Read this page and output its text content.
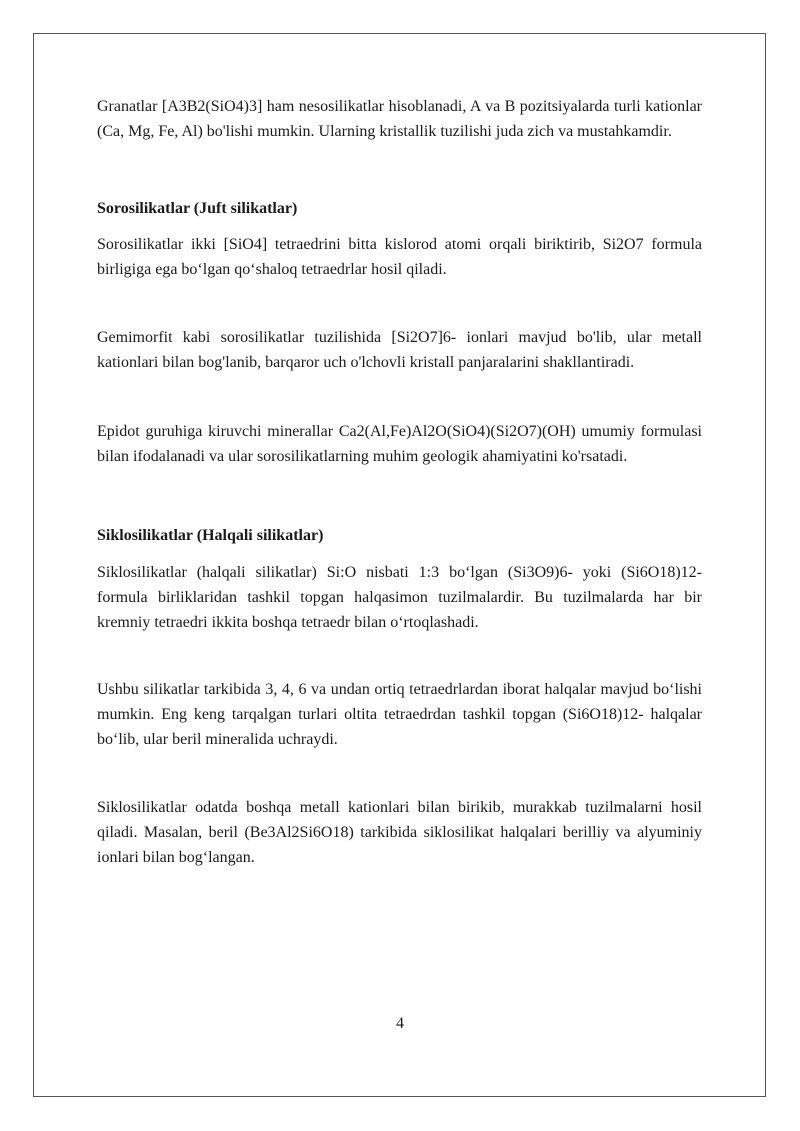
Granatlar [A3B2(SiO4)3] ham nesosilikatlar hisoblanadi, A va B pozitsiyalarda turli kationlar (Ca, Mg, Fe, Al) bo'lishi mumkin. Ularning kristallik tuzilishi juda zich va mustahkamdir.

Sorosilikatlar (Juft silikatlar)

Sorosilikatlar ikki [SiO4] tetraedrini bitta kislorod atomi orqali biriktirib, Si2O7 formula birligiga ega bo‘lgan qo‘shaloq tetraedrlar hosil qiladi.

Gemimorfit kabi sorosilikatlar tuzilishida [Si2O7]6- ionlari mavjud bo'lib, ular metall kationlari bilan bog'lanib, barqaror uch o'lchovli kristall panjaralarini shakllantiradi.

Epidot guruhiga kiruvchi minerallar Ca2(Al,Fe)Al2O(SiO4)(Si2O7)(OH) umumiy formulasi bilan ifodalanadi va ular sorosilikatlarning muhim geologik ahamiyatini ko'rsatadi.

Siklosilikatlar (Halqali silikatlar)

Siklosilikatlar (halqali silikatlar) Si:O nisbati 1:3 bo‘lgan (Si3O9)6- yoki (Si6O18)12- formula birliklaridan tashkil topgan halqasimon tuzilmalardir. Bu tuzilmalarda har bir kremniy tetraedri ikkita boshqa tetraedr bilan o‘rtoqlashadi.

Ushbu silikatlar tarkibida 3, 4, 6 va undan ortiq tetraedrlardan iborat halqalar mavjud bo‘lishi mumkin. Eng keng tarqalgan turlari oltita tetraedrdan tashkil topgan (Si6O18)12- halqalar bo‘lib, ular beril mineralida uchraydi.

Siklosilikatlar odatda boshqa metall kationlari bilan birikib, murakkab tuzilmalarni hosil qiladi. Masalan, beril (Be3Al2Si6O18) tarkibida siklosilikat halqalari berilliy va alyuminiy ionlari bilan bog‘langan.

4
